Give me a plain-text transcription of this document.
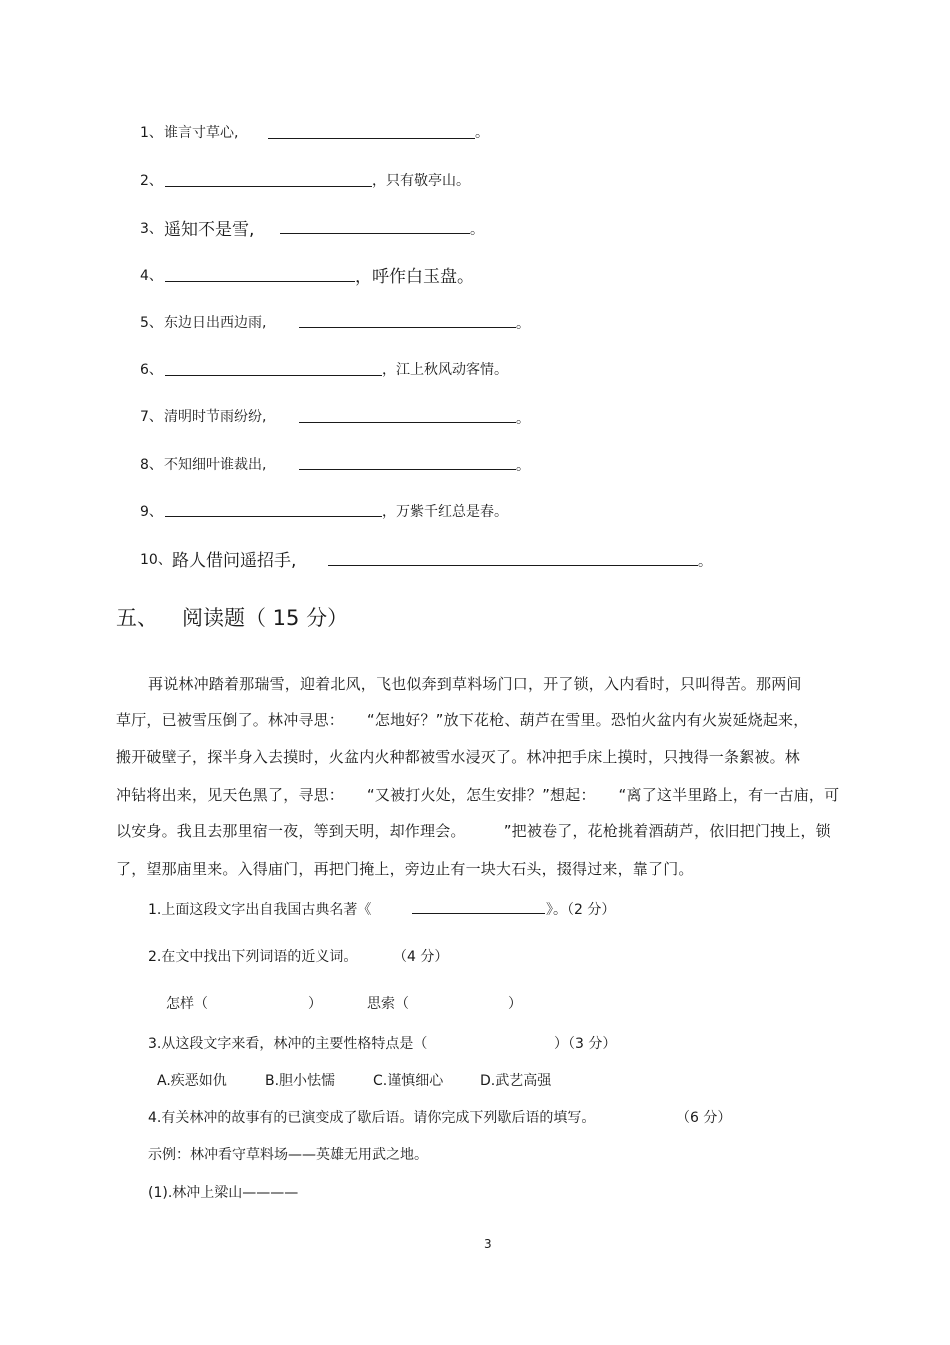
1、 谁言寸草心,	。
2、	，只有敬亭山。
3、 遥知不是雪,	。
4、	，呼作白玉盘。
5、 东边日出西边雨,	。
6、	，江上秋风动客情。
7、 清明时节雨纷纷,	。
8、 不知细叶谁裁出,	。
9、	，万紫千红总是春。
10、 路人借问遥招手,	。
五、 阅读题（ 15 分）
再说林冲踏着那瑞雪，迎着北风，飞也似奔到草料场门口，开了锁，入内看时，只叫得苦。那两间
草厅，已被雪压倒了。林冲寻思：　　“怎地好？”放下花枪、葫芦在雪里。恐怕火盆内有火炭延烧起来，
搬开破壁子，探半身入去摸时，火盆内火种都被雪水浸灭了。林冲把手床上摸时，只拽得一条絮被。林
冲钻将出来，见天色黑了，寻思：　　“又被打火处，怎生安排？”想起：　　“离了这半里路上，有一古庙，可
以安身。我且去那里宿一夜，等到天明，却作理会。　　　”把被卷了，花枪挑着酒葫芦，依旧把门拽上，锁
了，望那庙里来。入得庙门，再把门掩上，旁边止有一块大石头，掇得过来，靠了门。
1.上面这段文字出自我国古典名著《	》。（2 分）
2.在文中找出下列词语的近义词。	（4 分）
怎样（	）	思索（	）
3.从这段文字来看，林冲的主要性格特点是（	）（3 分）
A.疾恶如仇	B.胆小怯懦	C.谨慎细心	D.武艺高强
4.有关林冲的故事有的已演变成了歇后语。请你完成下列歇后语的填写。	（6 分）
示例：林冲看守草料场——英雄无用武之地。
(1).林冲上梁山————
3
